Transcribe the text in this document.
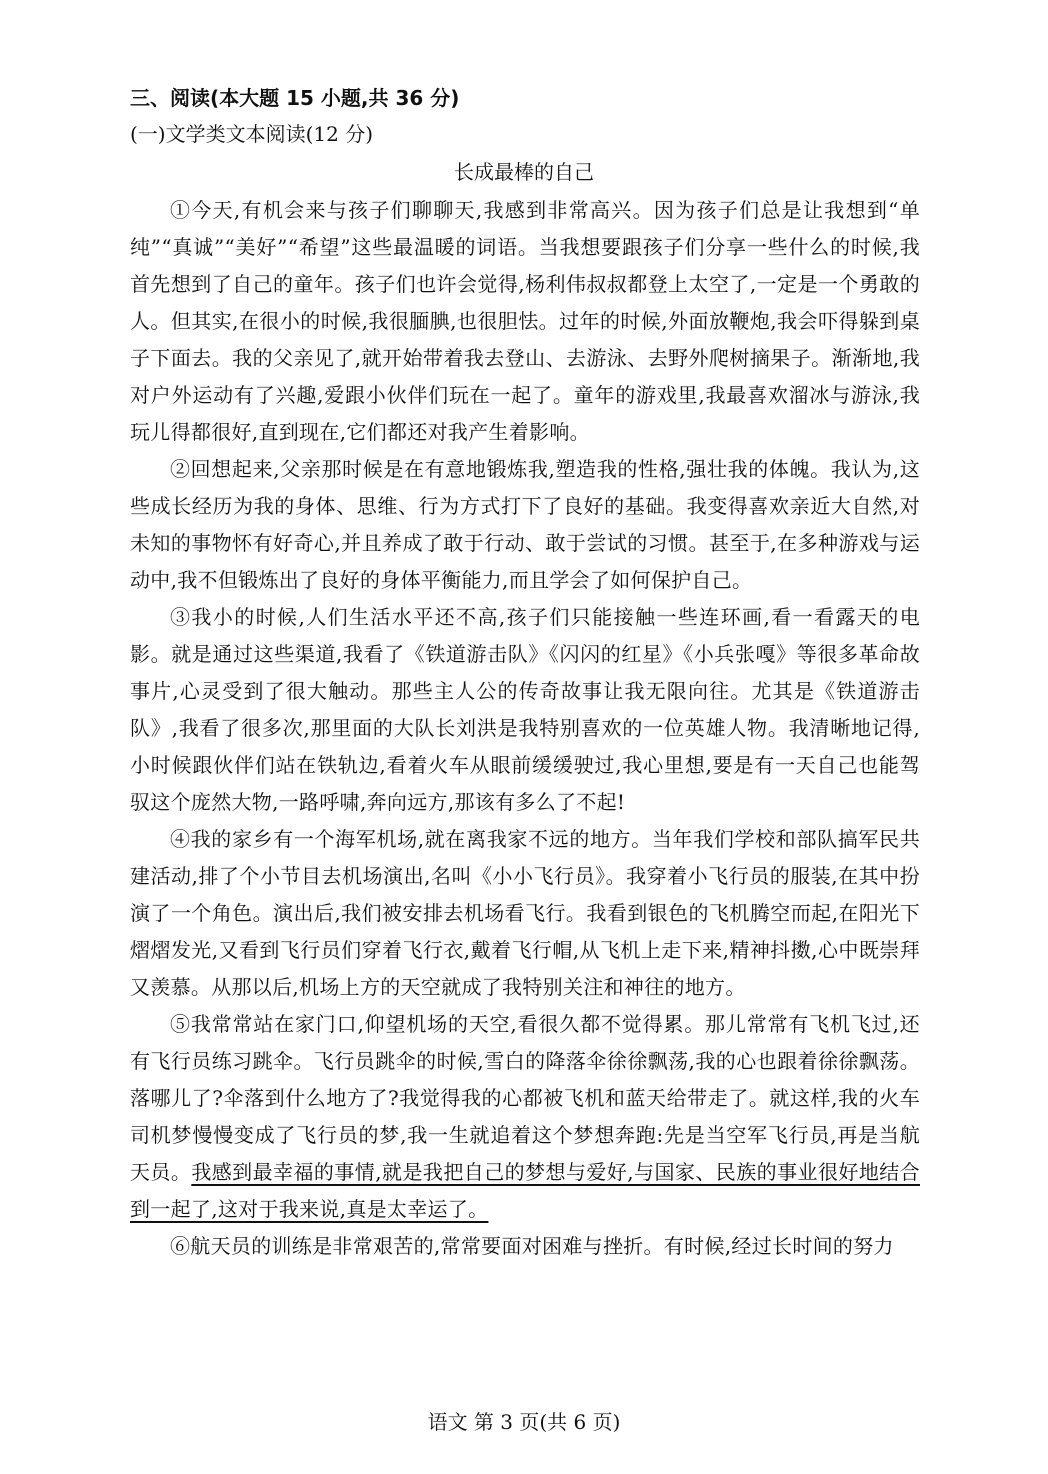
三、阅读(本大题 15 小题,共 36 分)
(一)文学类文本阅读(12 分)
长成最棒的自己

①今天,有机会来与孩子们聊聊天,我感到非常高兴。因为孩子们总是让我想到“单纯”“真诚”“美好”“希望”这些最温暖的词语。当我想要跟孩子们分享一些什么的时候,我首先想到了自己的童年。孩子们也许会觉得,杨利伟叔叔都登上太空了,一定是一个勇敢的人。但其实,在很小的时候,我很腼腆,也很胆怯。过年的时候,外面放鞭炮,我会吓得躲到桌子下面去。我的父亲见了,就开始带着我去登山、去游泳、去野外爬树摘果子。渐渐地,我对户外运动有了兴趣,爱跟小伙伴们玩在一起了。童年的游戏里,我最喜欢溜冰与游泳,我玩儿得都很好,直到现在,它们都还对我产生着影响。

②回想起来,父亲那时候是在有意地锻炼我,塑造我的性格,强壮我的体魄。我认为,这些成长经历为我的身体、思维、行为方式打下了良好的基础。我变得喜欢亲近大自然,对未知的事物怀有好奇心,并且养成了敢于行动、敢于尝试的习惯。甚至于,在多种游戏与运动中,我不但锻炼出了良好的身体平衡能力,而且学会了如何保护自己。

③我小的时候,人们生活水平还不高,孩子们只能接触一些连环画,看一看露天的电影。就是通过这些渠道,我看了《铁道游击队》《闪闪的红星》《小兵张嘎》等很多革命故事片,心灵受到了很大触动。那些主人公的传奇故事让我无限向往。尤其是《铁道游击队》,我看了很多次,那里面的大队长刘洪是我特别喜欢的一位英雄人物。我清晰地记得,小时候跟伙伴们站在铁轨边,看着火车从眼前缓缓驶过,我心里想,要是有一天自己也能驾驭这个庞然大物,一路呼啸,奔向远方,那该有多么了不起!

④我的家乡有一个海军机场,就在离我家不远的地方。当年我们学校和部队搞军民共建活动,排了个小节目去机场演出,名叫《小小飞行员》。我穿着小飞行员的服装,在其中扮演了一个角色。演出后,我们被安排去机场看飞行。我看到银色的飞机腾空而起,在阳光下熠熠发光,又看到飞行员们穿着飞行衣,戴着飞行帽,从飞机上走下来,精神抖擞,心中既崇拜又羡慕。从那以后,机场上方的天空就成了我特别关注和神往的地方。

⑤我常常站在家门口,仰望机场的天空,看很久都不觉得累。那儿常常有飞机飞过,还有飞行员练习跳伞。飞行员跳伞的时候,雪白的降落伞徐徐飘荡,我的心也跟着徐徐飘荡。落哪儿了?伞落到什么地方了?我觉得我的心都被飞机和蓝天给带走了。就这样,我的火车司机梦慢慢变成了飞行员的梦,我一生就追着这个梦想奔跑:先是当空军飞行员,再是当航天员。我感到最幸福的事情,就是我把自己的梦想与爱好,与国家、民族的事业很好地结合到一起了,这对于我来说,真是太幸运了。

⑥航天员的训练是非常艰苦的,常常要面对困难与挫折。有时候,经过长时间的努力

语文 第 3 页(共 6 页)
